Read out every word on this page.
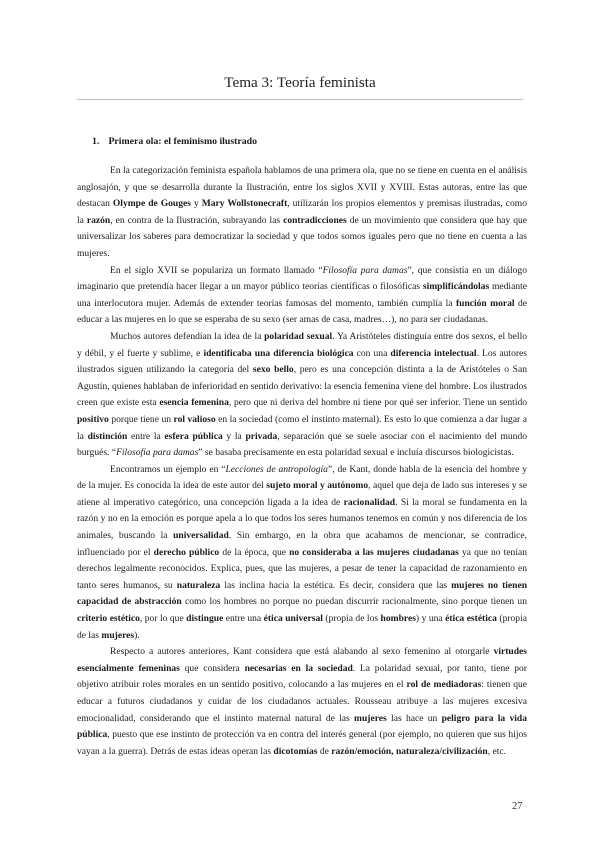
Tema 3: Teoría feminista
1. Primera ola: el feminismo ilustrado

En la categorización feminista española hablamos de una primera ola, que no se tiene en cuenta en el análisis anglosajón, y que se desarrolla durante la Ilustración, entre los siglos XVII y XVIII. Estas autoras, entre las que destacan Olympe de Gouges y Mary Wollstonecraft, utilizarán los propios elementos y premisas ilustradas, como la razón, en contra de la Ilustración, subrayando las contradicciones de un movimiento que considera que hay que universalizar los saberes para democratizar la sociedad y que todos somos iguales pero que no tiene en cuenta a las mujeres.

En el siglo XVII se populariza un formato llamado “Filosofía para damas”, que consistía en un diálogo imaginario que pretendía hacer llegar a un mayor público teorías científicas o filosóficas simplificándolas mediante una interlocutora mujer. Además de extender teorías famosas del momento, también cumplía la función moral de educar a las mujeres en lo que se esperaba de su sexo (ser amas de casa, madres…), no para ser ciudadanas.

Muchos autores defendían la idea de la polaridad sexual. Ya Aristóteles distinguía entre dos sexos, el bello y débil, y el fuerte y sublime, e identificaba una diferencia biológica con una diferencia intelectual. Los autores ilustrados siguen utilizando la categoría del sexo bello, pero es una concepción distinta a la de Aristóteles o San Agustín, quienes hablaban de inferioridad en sentido derivativo: la esencia femenina viene del hombre. Los ilustrados creen que existe esta esencia femenina, pero que ni deriva del hombre ni tiene por qué ser inferior. Tiene un sentido positivo porque tiene un rol valioso en la sociedad (como el instinto maternal). Es esto lo que comienza a dar lugar a la distinción entre la esfera pública y la privada, separación que se suele asociar con el nacimiento del mundo burgués. “Filosofía para damas” se basaba precisamente en esta polaridad sexual e incluía discursos biologicistas.

Encontramos un ejemplo en “Lecciones de antropología”, de Kant, donde habla de la esencia del hombre y de la mujer. Es conocida la idea de este autor del sujeto moral y autónomo, aquel que deja de lado sus intereses y se atiene al imperativo categórico, una concepción ligada a la idea de racionalidad. Si la moral se fundamenta en la razón y no en la emoción es porque apela a lo que todos los seres humanos tenemos en común y nos diferencia de los animales, buscando la universalidad. Sin embargo, en la obra que acabamos de mencionar, se contradice, influenciado por el derecho público de la época, que no consideraba a las mujeres ciudadanas ya que no tenían derechos legalmente reconocidos. Explica, pues, que las mujeres, a pesar de tener la capacidad de razonamiento en tanto seres humanos, su naturaleza las inclina hacia la estética. Es decir, considera que las mujeres no tienen capacidad de abstracción como los hombres no porque no puedan discurrir racionalmente, sino porque tienen un criterio estético, por lo que distingue entre una ética universal (propia de los hombres) y una ética estética (propia de las mujeres).

Respecto a autores anteriores, Kant considera que está alabando al sexo femenino al otorgarle virtudes esencialmente femeninas que considera necesarias en la sociedad. La polaridad sexual, por tanto, tiene por objetivo atribuir roles morales en un sentido positivo, colocando a las mujeres en el rol de mediadoras: tienen que educar a futuros ciudadanos y cuidar de los ciudadanos actuales. Rousseau atribuye a las mujeres excesiva emocionalidad, considerando que el instinto maternal natural de las mujeres las hace un peligro para la vida pública, puesto que ese instinto de protección va en contra del interés general (por ejemplo, no quieren que sus hijos vayan a la guerra). Detrás de estas ideas operan las dicotomías de razón/emoción, naturaleza/civilización, etc.

27
